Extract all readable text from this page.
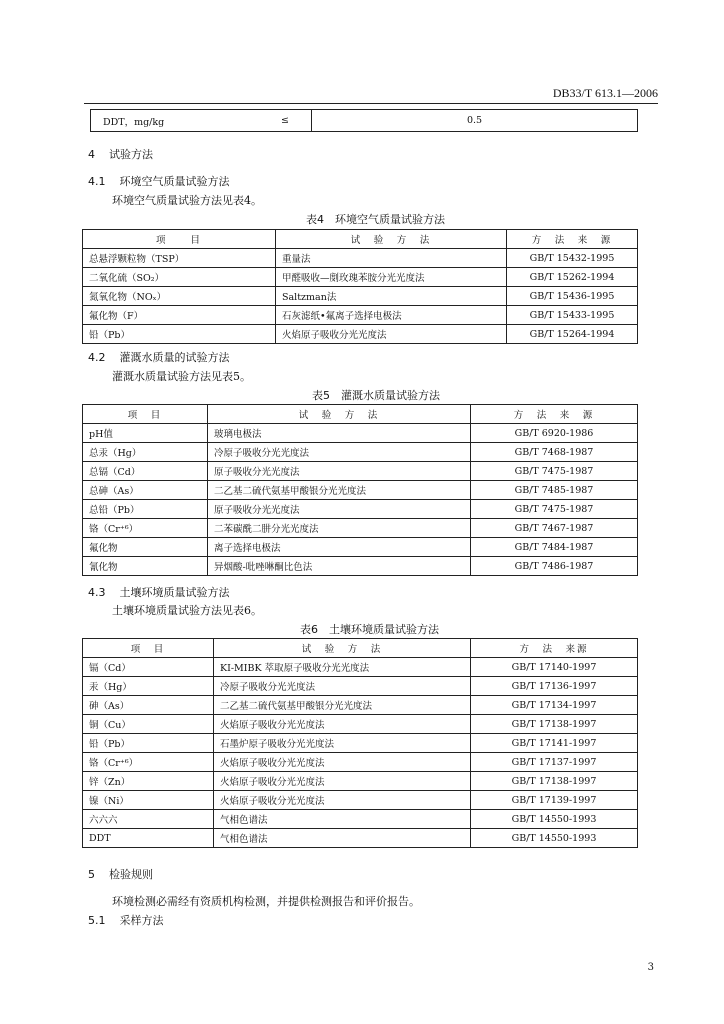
DB33/T 613.1—2006
DDT，mg/kg	≤	0.5
4 试验方法
4.1 环境空气质量试验方法
环境空气质量试验方法见表4。
表4　环境空气质量试验方法
项　　目	试　验　方　法	方　法　来　源
总悬浮颗粒物（TSP）	重量法	GB/T 15432-1995
二氧化硫（SO₂）	甲醛吸收—剫玫瑰苯胺分光光度法	GB/T 15262-1994
氮氧化物（NOₓ）	Saltzman法	GB/T 15436-1995
氟化物（F）	石灰滤纸•氟离子选择电极法	GB/T 15433-1995
铅（Pb）	火焰原子吸收分光光度法	GB/T 15264-1994
4.2 灌溉水质量的试验方法
灌溉水质量试验方法见表5。
表5　灌溉水质量试验方法
项　目	试　验　方　法	方　法　来　源
pH值	玻璃电极法	GB/T 6920-1986
总汞（Hg）	冷原子吸收分光光度法	GB/T 7468-1987
总镉（Cd）	原子吸收分光光度法	GB/T 7475-1987
总砷（As）	二乙基二硫代氨基甲酸银分光光度法	GB/T 7485-1987
总铅（Pb）	原子吸收分光光度法	GB/T 7475-1987
铬（Cr⁺⁶）	二苯碳酰二肼分光光度法	GB/T 7467-1987
氟化物	离子选择电极法	GB/T 7484-1987
氰化物	异烟酸-吡唑啉酮比色法	GB/T 7486-1987
4.3 土壤环境质量试验方法
土壤环境质量试验方法见表6。
表6　土壤环境质量试验方法
项　目	试　验　方　法	方　法　来源
镉（Cd）	KI-MIBK 萃取原子吸收分光光度法	GB/T 17140-1997
汞（Hg）	冷原子吸收分光光度法	GB/T 17136-1997
砷（As）	二乙基二硫代氨基甲酸银分光光度法	GB/T 17134-1997
铜（Cu）	火焰原子吸收分光光度法	GB/T 17138-1997
铅（Pb）	石墨炉原子吸收分光光度法	GB/T 17141-1997
铬（Cr⁺⁶）	火焰原子吸收分光光度法	GB/T 17137-1997
锌（Zn）	火焰原子吸收分光光度法	GB/T 17138-1997
镍（Ni）	火焰原子吸收分光光度法	GB/T 17139-1997
六六六	气相色谱法	GB/T 14550-1993
DDT	气相色谱法	GB/T 14550-1993
5 检验规则
环境检测必需经有资质机构检测，并提供检测报告和评价报告。
5.1 采样方法
3
